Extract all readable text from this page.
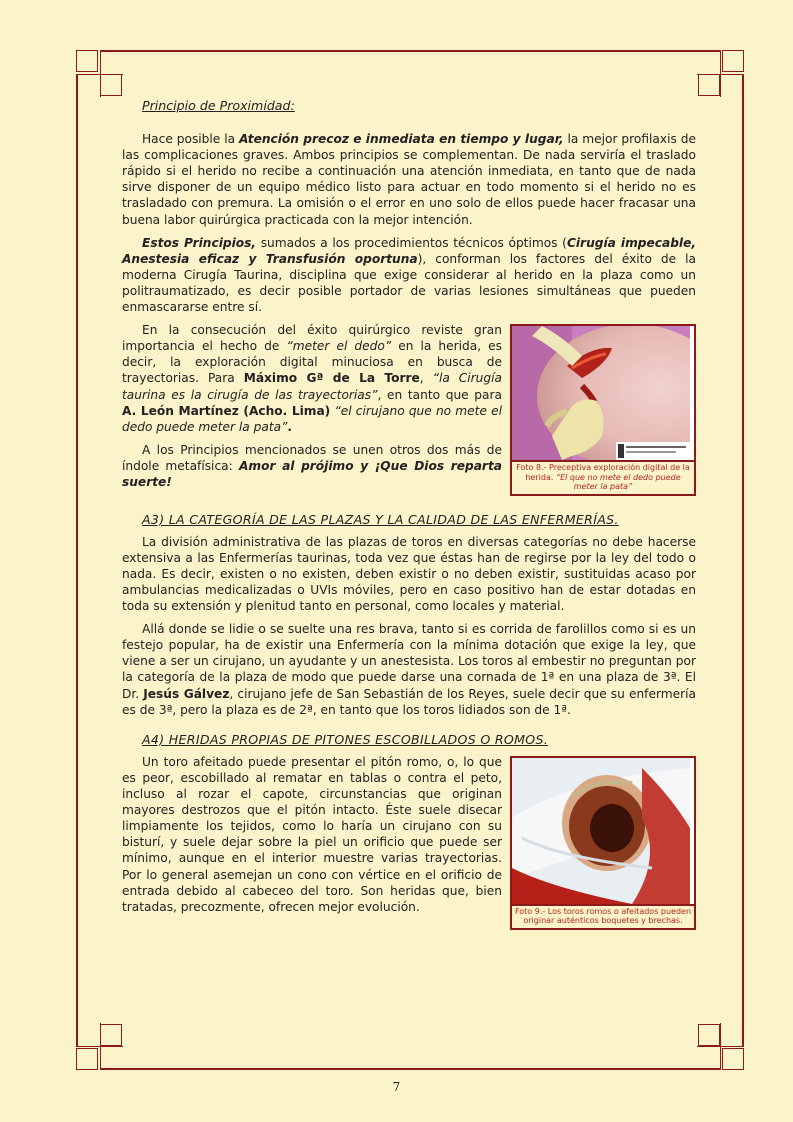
Principio de Proximidad:

Hace posible la Atención precoz e inmediata en tiempo y lugar, la mejor profilaxis de las complicaciones graves. Ambos principios se complementan. De nada serviría el traslado rápido si el herido no recibe a continuación una atención inmediata, en tanto que de nada sirve disponer de un equipo médico listo para actuar en todo momento si el herido no es trasladado con premura. La omisión o el error en uno solo de ellos puede hacer fracasar una buena labor quirúrgica practicada con la mejor intención.

Estos Principios, sumados a los procedimientos técnicos óptimos (Cirugía impecable, Anestesia eficaz y Transfusión oportuna), conforman los factores del éxito de la moderna Cirugía Taurina, disciplina que exige considerar al herido en la plaza como un politraumatizado, es decir posible portador de varias lesiones simultáneas que pueden enmascararse entre sí.

Foto 8.- Preceptiva exploración digital de la herida. “El que no mete el dedo puede meter la pata”

En la consecución del éxito quirúrgico reviste gran importancia el hecho de “meter el dedo” en la herida, es decir, la exploración digital minuciosa en busca de trayectorias. Para Máximo Gª de La Torre, “la Cirugía taurina es la cirugía de las trayectorias”, en tanto que para A. León Martínez (Acho. Lima) “el cirujano que no mete el dedo puede meter la pata”.

A los Principios mencionados se unen otros dos más de índole metafísica: Amor al prójimo y ¡Que Dios reparta suerte!

A3) LA CATEGORÍA DE LAS PLAZAS Y LA CALIDAD DE LAS ENFERMERÍAS.

La división administrativa de las plazas de toros en diversas categorías no debe hacerse extensiva a las Enfermerías taurinas, toda vez que éstas han de regirse por la ley del todo o nada. Es decir, existen o no existen, deben existir o no deben existir, sustituidas acaso por ambulancias medicalizadas o UVIs móviles, pero en caso positivo han de estar dotadas en toda su extensión y plenitud tanto en personal, como locales y material.

Allá donde se lidie o se suelte una res brava, tanto si es corrida de farolillos como si es un festejo popular, ha de existir una Enfermería con la mínima dotación que exige la ley, que viene a ser un cirujano, un ayudante y un anestesista. Los toros al embestir no preguntan por la categoría de la plaza de modo que puede darse una cornada de 1ª en una plaza de 3ª. El Dr. Jesús Gálvez, cirujano jefe de San Sebastián de los Reyes, suele decir que su enfermería es de 3ª, pero la plaza es de 2ª, en tanto que los toros lidiados son de 1ª.

A4) HERIDAS PROPIAS DE PITONES ESCOBILLADOS O ROMOS.
Foto 9.- Los toros romos o afeitados pueden originar auténticos boquetes y brechas.

Un toro afeitado puede presentar el pitón romo, o, lo que es peor, escobillado al rematar en tablas o contra el peto, incluso al rozar el capote, circunstancias que originan mayores destrozos que el pitón intacto. Éste suele disecar limpiamente los tejidos, como lo haría un cirujano con su bisturí, y suele dejar sobre la piel un orificio que puede ser mínimo, aunque en el interior muestre varias trayectorias. Por lo general asemejan un cono con vértice en el orificio de entrada debido al cabeceo del toro. Son heridas que, bien tratadas, precozmente, ofrecen mejor evolución.

7
